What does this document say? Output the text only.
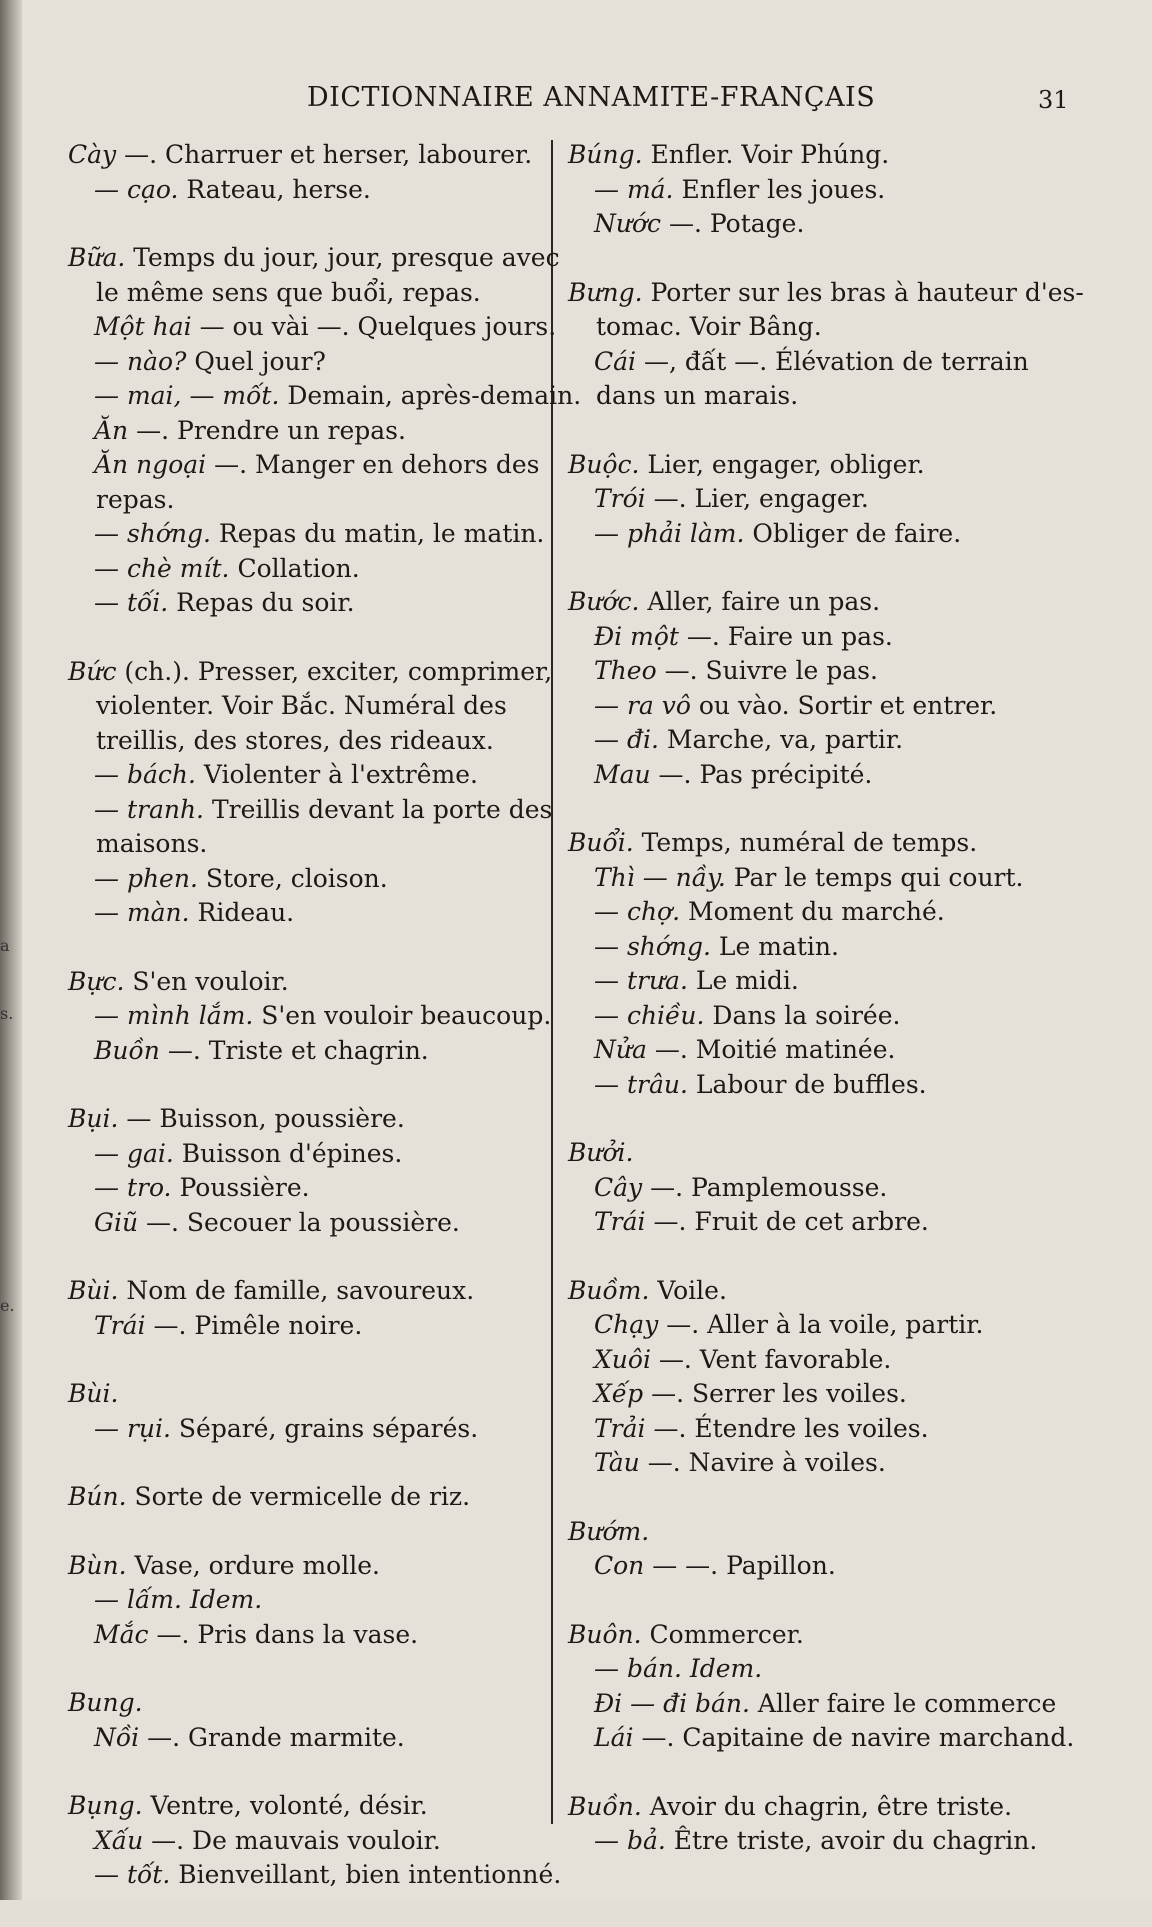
DICTIONNAIRE ANNAMITE-FRANÇAIS	31
Cày —. Charruer et herser, labourer.
— cạo. Rateau, herse.
Bữa. Temps du jour, jour, presque avec
le même sens que buổi, repas.
Một hai — ou vài —. Quelques jours.
— nào? Quel jour?
— mai, — mốt. Demain, après-demain.
Ăn —. Prendre un repas.
Ăn ngoại —. Manger en dehors des
repas.
— shớng. Repas du matin, le matin.
— chè mít. Collation.
— tối. Repas du soir.
Bức (ch.). Presser, exciter, comprimer,
violenter. Voir Bắc. Numéral des
treillis, des stores, des rideaux.
— bách. Violenter à l'extrême.
— tranh. Treillis devant la porte des
maisons.
— phen. Store, cloison.
— màn. Rideau.
Bực. S'en vouloir.
— mình lắm. S'en vouloir beaucoup.
Buồn —. Triste et chagrin.
Bụi. — Buisson, poussière.
— gai. Buisson d'épines.
— tro. Poussière.
Giũ —. Secouer la poussière.
Bùi. Nom de famille, savoureux.
Trái —. Pimêle noire.
Bùi.
— rụi. Séparé, grains séparés.
Bún. Sorte de vermicelle de riz.
Bùn. Vase, ordure molle.
— lấm. Idem.
Mắc —. Pris dans la vase.
Bung.
Nồi —. Grande marmite.
Bụng. Ventre, volonté, désir.
Xấu —. De mauvais vouloir.
— tốt. Bienveillant, bien intentionné.
Búng. Enfler. Voir Phúng.
— má. Enfler les joues.
Nước —. Potage.
Bưng. Porter sur les bras à hauteur d'es-
tomac. Voir Bâng.
Cái —, đất —. Élévation de terrain
dans un marais.
Buộc. Lier, engager, obliger.
Trói —. Lier, engager.
— phải làm. Obliger de faire.
Bước. Aller, faire un pas.
Đi một —. Faire un pas.
Theo —. Suivre le pas.
— ra vô ou vào. Sortir et entrer.
— đi. Marche, va, partir.
Mau —. Pas précipité.
Buổi. Temps, numéral de temps.
Thì — nầy. Par le temps qui court.
— chợ. Moment du marché.
— shớng. Le matin.
— trưa. Le midi.
— chiều. Dans la soirée.
Nửa —. Moitié matinée.
— trâu. Labour de buffles.
Bưởi.
Cây —. Pamplemousse.
Trái —. Fruit de cet arbre.
Buồm. Voile.
Chạy —. Aller à la voile, partir.
Xuôi —. Vent favorable.
Xếp —. Serrer les voiles.
Trải —. Étendre les voiles.
Tàu —. Navire à voiles.
Bướm.
Con — —. Papillon.
Buôn. Commercer.
— bán. Idem.
Đi — đi bán. Aller faire le commerce
Lái —. Capitaine de navire marchand.
Buồn. Avoir du chagrin, être triste.
— bả. Être triste, avoir du chagrin.
a
s.
e.
